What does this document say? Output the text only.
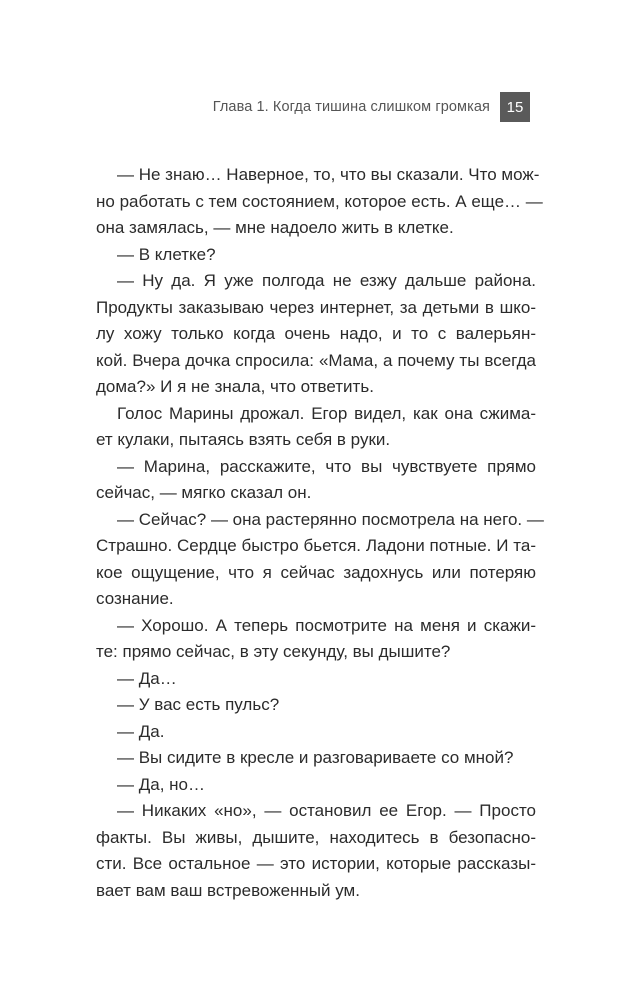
Глава 1. Когда тишина слишком громкая	15
— Не знаю… Наверное, то, что вы сказали. Что мож-
но работать с тем состоянием, которое есть. А еще… —
она замялась, — мне надоело жить в клетке.
— В клетке?
— Ну да. Я уже полгода не езжу дальше района.
Продукты заказываю через интернет, за детьми в шко-
лу хожу только когда очень надо, и то с валерьян-
кой. Вчера дочка спросила: «Мама, а почему ты всегда
дома?» И я не знала, что ответить.
Голос Марины дрожал. Егор видел, как она сжима-
ет кулаки, пытаясь взять себя в руки.
— Марина, расскажите, что вы чувствуете прямо
сейчас, — мягко сказал он.
— Сейчас? — она растерянно посмотрела на него. —
Страшно. Сердце быстро бьется. Ладони потные. И та-
кое ощущение, что я сейчас задохнусь или потеряю
сознание.
— Хорошо. А теперь посмотрите на меня и скажи-
те: прямо сейчас, в эту секунду, вы дышите?
— Да…
— У вас есть пульс?
— Да.
— Вы сидите в кресле и разговариваете со мной?
— Да, но…
— Никаких «но», — остановил ее Егор. — Просто
факты. Вы живы, дышите, находитесь в безопасно-
сти. Все остальное — это истории, которые рассказы-
вает вам ваш встревоженный ум.
